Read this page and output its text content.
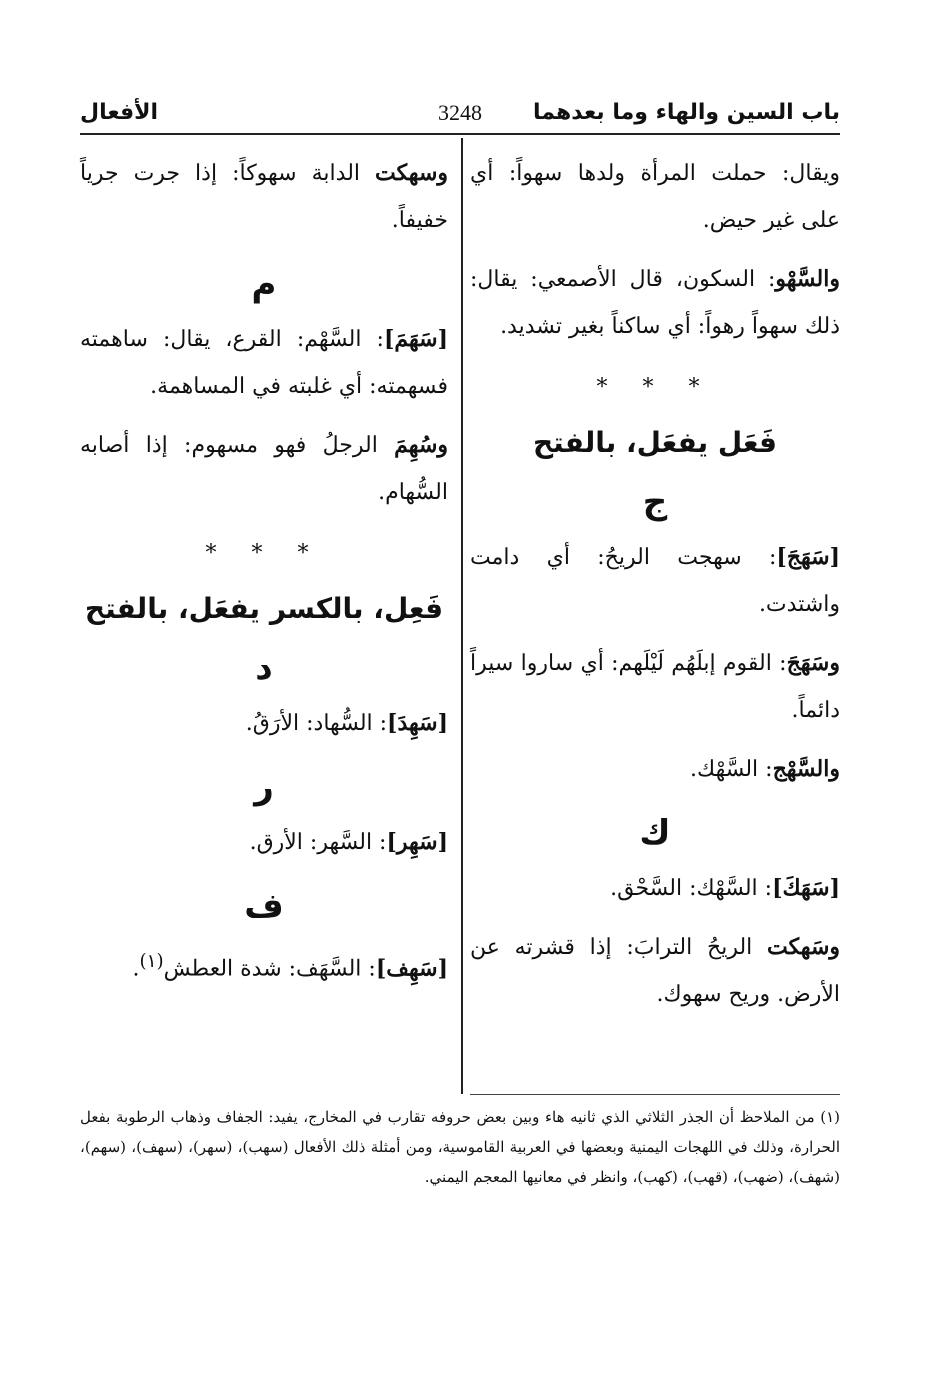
باب السين والهاء وما بعدهما
3248
الأفعال

ويقال: حملت المرأة ولدها سهواً: أي على غير حيض.

والسَّهْو: السكون، قال الأصمعي: يقال: ذلك سهواً رهواً: أي ساكناً بغير تشديد.

* * *
فَعَل يفعَل، بالفتح
ج

[سَهَجَ]: سهجت الريحُ: أي دامت واشتدت.

وسَهَجَ: القوم إبلَهُم لَيْلَهم: أي ساروا سيراً دائماً.

والسَّهْج: السَّهْك.

ك

[سَهَكَ]: السَّهْك: السَّحْق.

وسَهكت الريحُ الترابَ: إذا قشرته عن الأرض. وريح سهوك.

وسهكت الدابة سهوكاً: إذا جرت جرياً خفيفاً.

م

[سَهَمَ]: السَّهْم: القرع، يقال: ساهمته فسهمته: أي غلبته في المساهمة.

وسُهِمَ الرجلُ فهو مسهوم: إذا أصابه السُّهام.

* * *
فَعِل، بالكسر يفعَل، بالفتح
د

[سَهِدَ]: السُّهاد: الأرَقُ.

ر

[سَهِر]: السَّهر: الأرق.

ف

[سَهِف]: السَّهَف: شدة العطش$^{(١)}$.

(١) من الملاحظ أن الجذر الثلاثي الذي ثانيه هاء وبين بعض حروفه تقارب في المخارج، يفيد: الجفاف وذهاب الرطوبة بفعل الحرارة، وذلك في اللهجات اليمنية وبعضها في العربية القاموسية، ومن أمثلة ذلك الأفعال (سهب)، (سهر)، (سهف)، (سهم)، (شهف)، (ضهب)، (قهب)، (كهب)، وانظر في معانيها المعجم اليمني.
